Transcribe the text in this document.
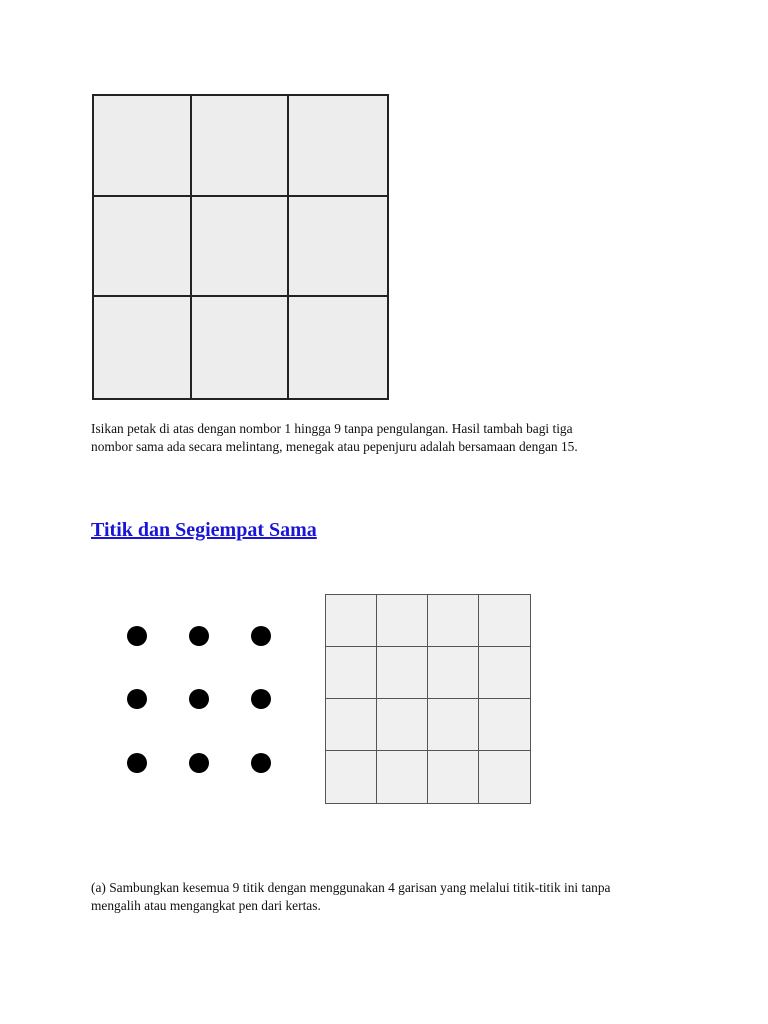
Isikan petak di atas dengan nombor 1 hingga 9 tanpa pengulangan. Hasil tambah bagi tiga
nombor sama ada secara melintang, menegak atau pepenjuru adalah bersamaan dengan 15.
Titik dan Segiempat Sama
(a) Sambungkan kesemua 9 titik dengan menggunakan 4 garisan yang melalui titik-titik ini tanpa
mengalih atau mengangkat pen dari kertas.
